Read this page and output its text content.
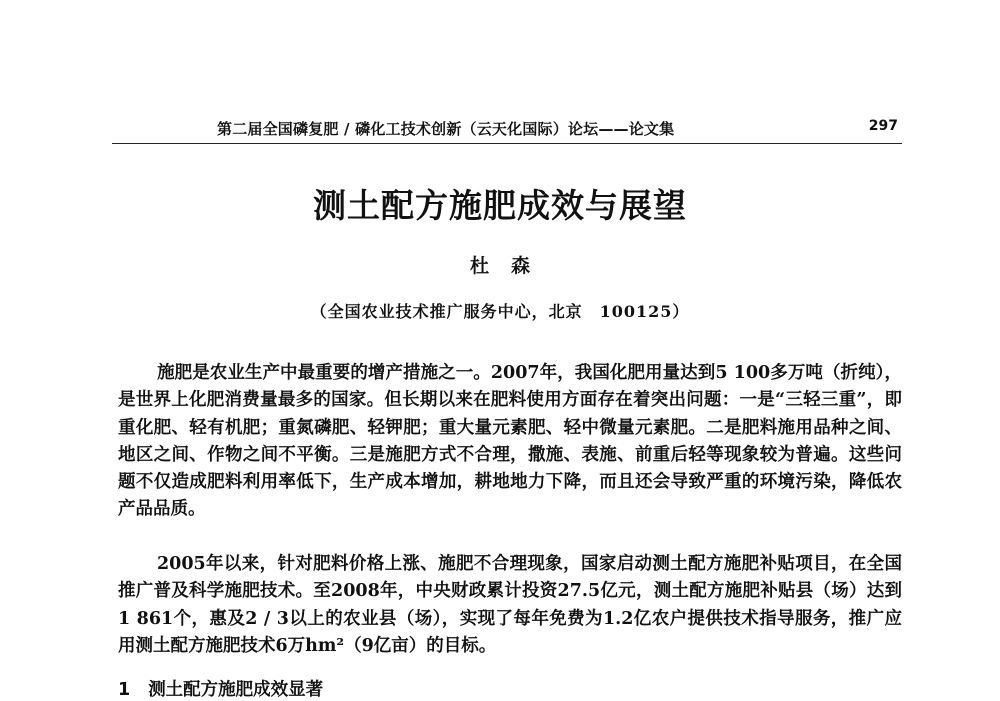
第二届全国磷复肥 / 磷化工技术创新（云天化国际）论坛——论文集	297
测土配方施肥成效与展望
杜森
（全国农业技术推广服务中心，北京　100125）
施肥是农业生产中最重要的增产措施之一。2007年，我国化肥用量达到5 100多万吨（折纯），是世界上化肥消费量最多的国家。但长期以来在肥料使用方面存在着突出问题：一是“三轻三重”，即重化肥、轻有机肥；重氮磷肥、轻钾肥；重大量元素肥、轻中微量元素肥。二是肥料施用品种之间、地区之间、作物之间不平衡。三是施肥方式不合理，撒施、表施、前重后轻等现象较为普遍。这些问题不仅造成肥料利用率低下，生产成本增加，耕地地力下降，而且还会导致严重的环境污染，降低农产品品质。
2005年以来，针对肥料价格上涨、施肥不合理现象，国家启动测土配方施肥补贴项目，在全国推广普及科学施肥技术。至2008年，中央财政累计投资27.5亿元，测土配方施肥补贴县（场）达到1 861个，惠及2 / 3以上的农业县（场），实现了每年免费为1.2亿农户提供技术指导服务，推广应用测土配方施肥技术6万hm²（9亿亩）的目标。
1 测土配方施肥成效显著
